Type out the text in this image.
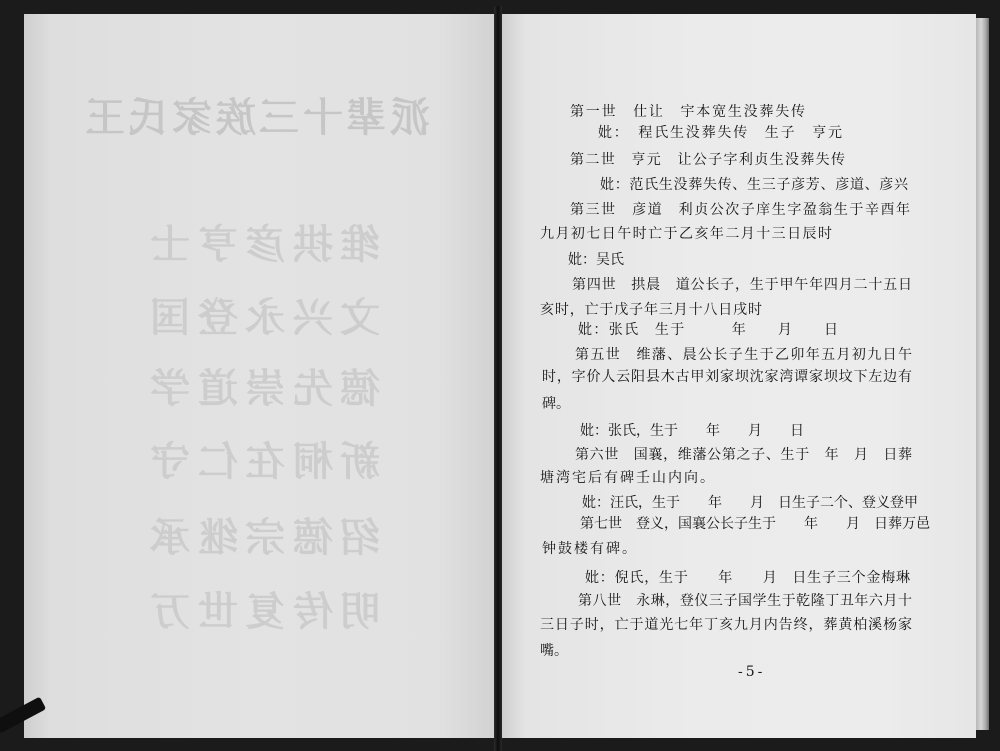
王 氏 家 族 三 十 辈 派
士 亨 彦 拱 维
国 登 永 兴 文
学 道 崇 先 德
守 仁 在 桐 新
承 继 宗 德 绍
万 世 复 传 明
第一世　仕让　宇本宽生没葬失传
妣：　程氏生没葬失传　生子　亨元
第二世　亨元　让公子字利贞生没葬失传
妣：范氏生没葬失传、生三子彦芳、彦道、彦兴
第三世　彦道　利贞公次子庠生字盈翁生于辛酉年
九月初七日午时亡于乙亥年二月十三日辰时
妣：吴氏
第四世　拱晨　道公长子，生于甲午年四月二十五日
亥时，亡于戊子年三月十八日戌时
妣：张氏　生于　　　年　　月　　日
第五世　维藩、晨公长子生于乙卯年五月初九日午
时，字价人云阳县木古甲刘家坝沈家湾谭家坝坟下左边有
碑。
妣：张氏，生于　　年　　月　　日
第六世　国襄，维藩公第之子、生于　年　月　日葬
塘湾宅后有碑壬山内向。
妣：汪氏，生于　　年　　月　日生子二个、登义登甲
第七世　登义，国襄公长子生于　　年　　月　日葬万邑
钟鼓楼有碑。
妣：倪氏，生于　　年　　月　日生子三个金梅琳
第八世　永琳，登仪三子国学生于乾隆丁丑年六月十
三日子时，亡于道光七年丁亥九月内告终，葬黄柏溪杨家
嘴。
-5-
